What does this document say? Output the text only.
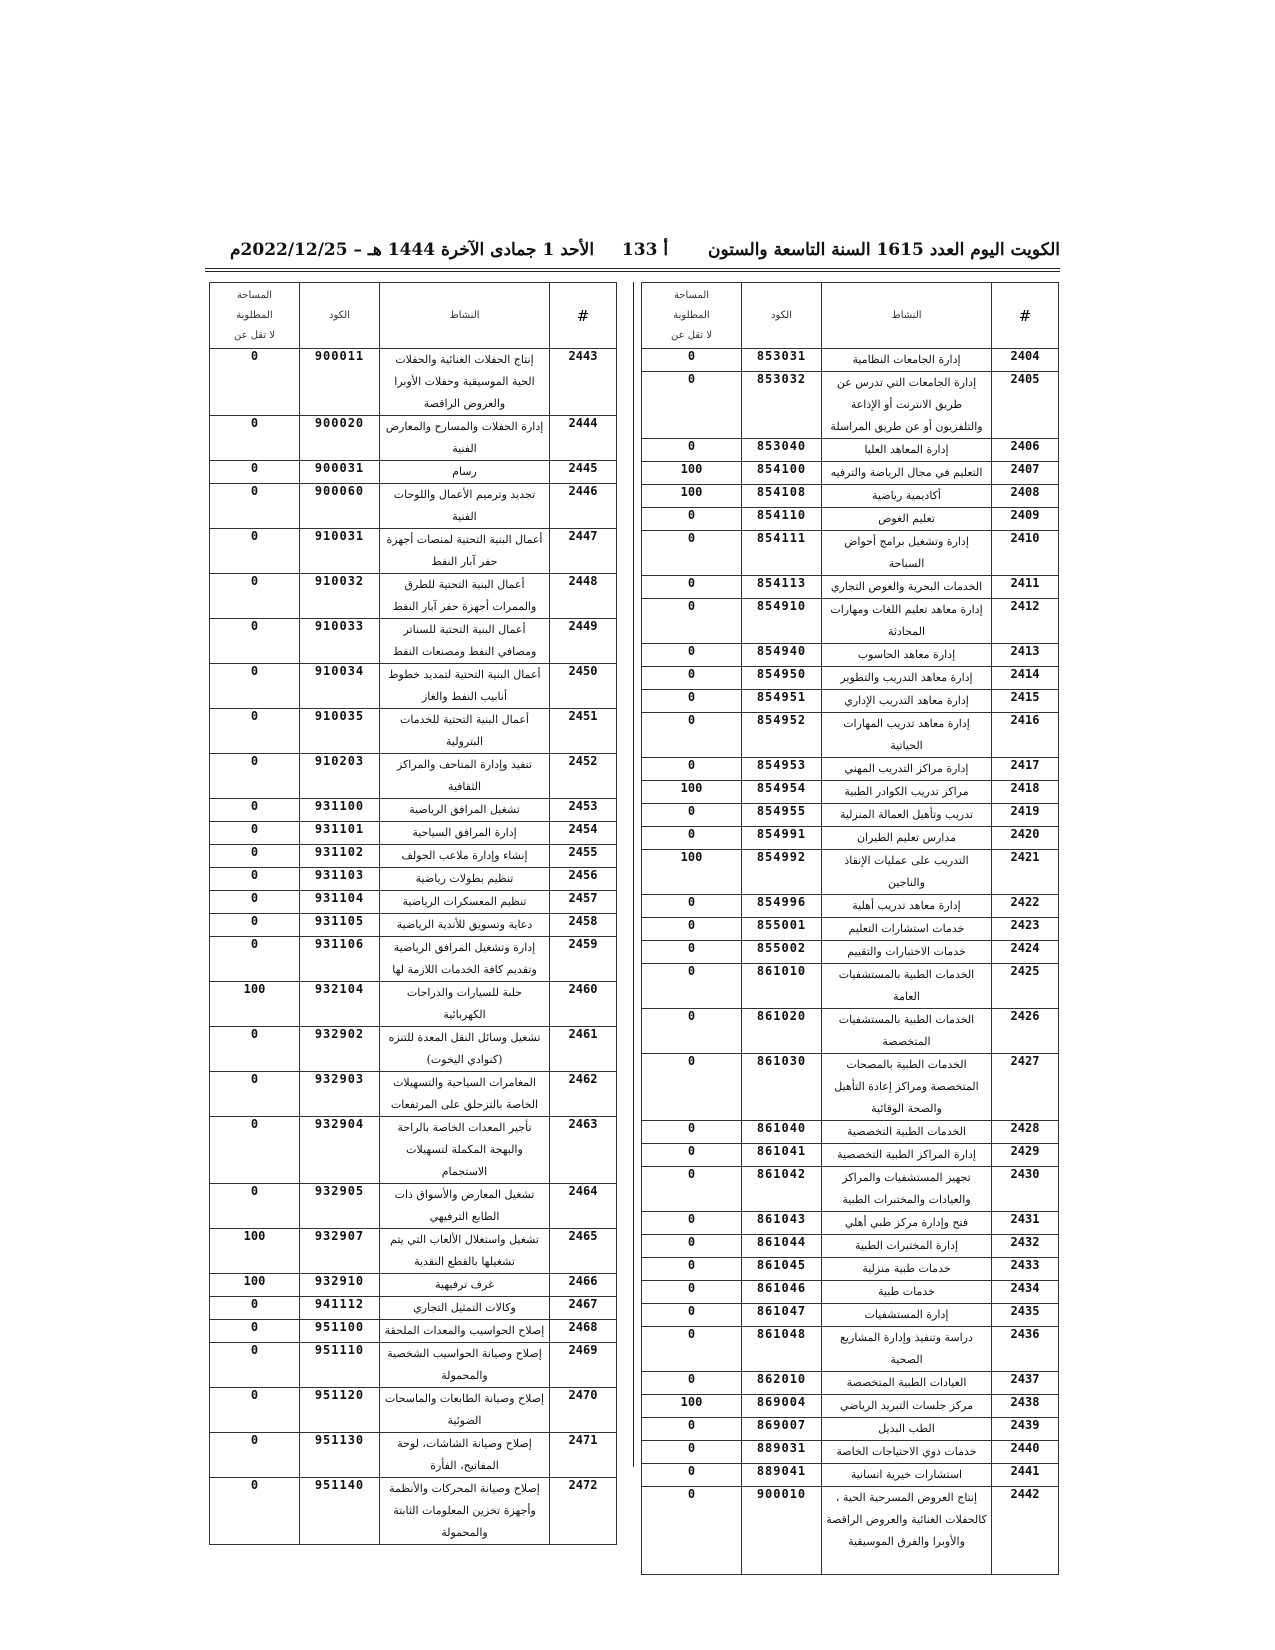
الكويت اليوم العدد 1615 السنة التاسعة والستون
أ 133
الأحد 1 جمادى الآخرة 1444 هـ – 2022/12/25م
#	النشاط	الكود	المساحة
المطلوبة
لا تقل عن

2404	إدارة الجامعات النظامية	853031	0
2405	إدارة الجامعات التي تدرس عن طريق الانترنت أو الإذاعة والتلفزيون أو عن طريق المراسلة	853032	0
2406	إدارة المعاهد العليا	853040	0
2407	التعليم في مجال الرياضة والترفيه	854100	100
2408	أكاديمية رياضية	854108	100
2409	تعليم الغوص	854110	0
2410	إدارة وتشغيل برامج أحواض السباحة	854111	0
2411	الخدمات البحرية والغوص التجاري	854113	0
2412	إدارة معاهد تعليم اللغات ومهارات المحادثة	854910	0
2413	إدارة معاهد الحاسوب	854940	0
2414	إدارة معاهد التدريب والتطوير	854950	0
2415	إدارة معاهد التدريب الإداري	854951	0
2416	إدارة معاهد تدريب المهارات الحياتية	854952	0
2417	إدارة مراكز التدريب المهني	854953	0
2418	مراكز تدريب الكوادر الطبية	854954	100
2419	تدريب وتأهيل العمالة المنزلية	854955	0
2420	مدارس تعليم الطيران	854991	0
2421	التدريب على عمليات الإنقاذ والناجين	854992	100
2422	إدارة معاهد تدريب أهلية	854996	0
2423	خدمات استشارات التعليم	855001	0
2424	خدمات الاختبارات والتقييم	855002	0
2425	الخدمات الطبية بالمستشفيات العامة	861010	0
2426	الخدمات الطبية بالمستشفيات المتخصصة	861020	0
2427	الخدمات الطبية بالمصحات المتخصصة ومراكز إعادة التأهيل والصحة الوقائية	861030	0
2428	الخدمات الطبية التخصصية	861040	0
2429	إدارة المراكز الطبية التخصصية	861041	0
2430	تجهيز المستشفيات والمراكز والعيادات والمختبرات الطبية	861042	0
2431	فتح وإدارة مركز طبي أهلي	861043	0
2432	إدارة المختبرات الطبية	861044	0
2433	خدمات طبية منزلية	861045	0
2434	خدمات طبية	861046	0
2435	إدارة المستشفيات	861047	0
2436	دراسة وتنفيذ وإدارة المشاريع الصحية	861048	0
2437	العيادات الطبية المتخصصة	862010	0
2438	مركز جلسات التبريد الرياضي	869004	100
2439	الطب البديل	869007	0
2440	خدمات ذوي الاحتياجات الخاصة	889031	0
2441	استشارات خيرية انسانية	889041	0
2442	إنتاج العروض المسرحية الحية ، كالحفلات الغنائية والعروض الراقصة والأوبرا والفرق الموسيقية	900010	0
#	النشاط	الكود	المساحة
المطلوبة
لا تقل عن

2443	إنتاج الحفلات الغنائية والحفلات الحية الموسيقية وحفلات الأوبرا والعروض الراقصة	900011	0
2444	إدارة الحفلات والمسارح والمعارض الفنية	900020	0
2445	رسام	900031	0
2446	تجديد وترميم الأعمال واللوحات الفنية	900060	0
2447	أعمال البنية التحتية لمنصات أجهزة حفر آبار النفط	910031	0
2448	أعمال البنية التحتية للطرق والممرات أجهزة حفر آبار النفط	910032	0
2449	أعمال البنية التحتية للسناتر ومصافي النفط ومصنعات النفط	910033	0
2450	أعمال البنية التحتية لتمديد خطوط أنابيب النفط والغاز	910034	0
2451	أعمال البنية التحتية للخدمات البترولية	910035	0
2452	تنفيذ وإدارة المتاحف والمراكز الثقافية	910203	0
2453	تشغيل المرافق الرياضية	931100	0
2454	إدارة المرافق السياحية	931101	0
2455	إنشاء وإدارة ملاعب الجولف	931102	0
2456	تنظيم بطولات رياضية	931103	0
2457	تنظيم المعسكرات الرياضية	931104	0
2458	دعاية وتسويق للأندية الرياضية	931105	0
2459	إدارة وتشغيل المرافق الرياضية وتقديم كافة الخدمات اللازمة لها	931106	0
2460	حلبة للسيارات والدراجات الكهربائية	932104	100
2461	تشغيل وسائل النقل المعدة للتنزه (كنوادي اليخوت)	932902	0
2462	المغامرات السياحية والتسهيلات الخاصة بالتزحلق على المرتفعات	932903	0
2463	تأجير المعدات الخاصة بالراحة والبهجة المكملة لتسهيلات الاستجمام	932904	0
2464	تشغيل المعارض والأسواق ذات الطابع الترفيهي	932905	0
2465	تشغيل واستغلال الألعاب التي يتم تشغيلها بالقطع النقدية	932907	100
2466	غرف ترفيهية	932910	100
2467	وكالات التمثيل التجاري	941112	0
2468	إصلاح الحواسيب والمعدات الملحقة	951100	0
2469	إصلاح وصيانة الحواسيب الشخصية والمحمولة	951110	0
2470	إصلاح وصيانة الطابعات والماسحات الضوئية	951120	0
2471	إصلاح وصيانة الشاشات، لوحة المفاتيح، الفأرة	951130	0
2472	إصلاح وصيانة المحركات والأنظمة وأجهزة تخزين المعلومات الثابتة والمحمولة	951140	0
